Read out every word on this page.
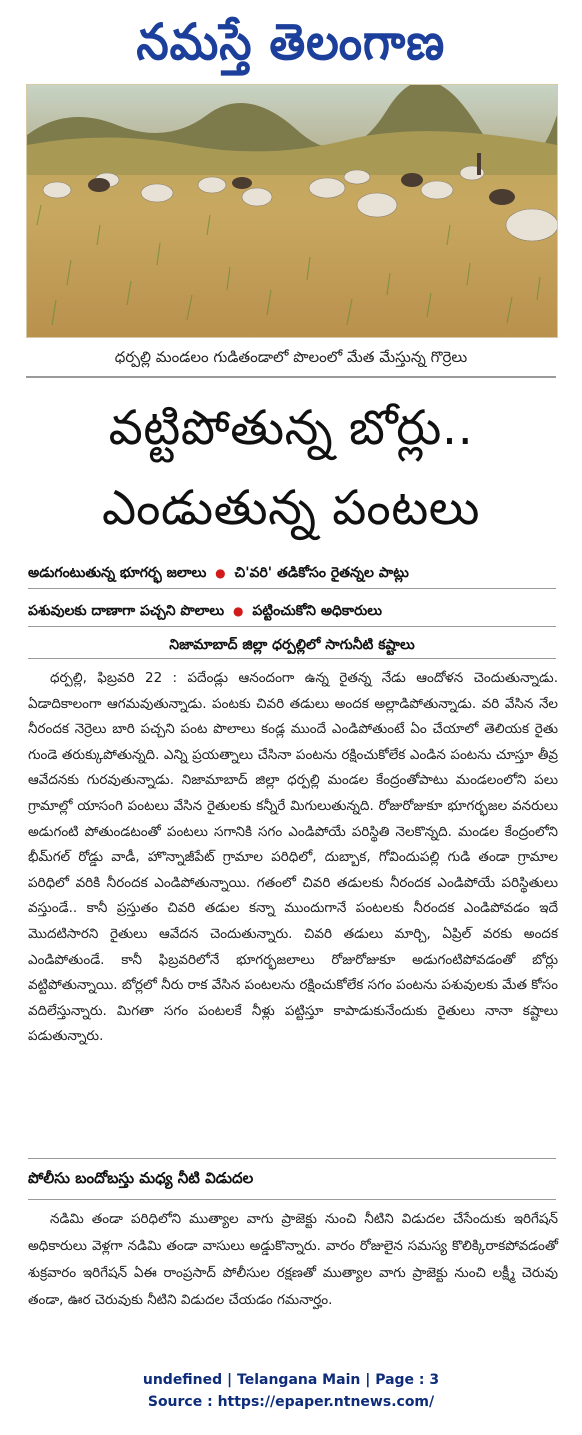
నమస్తే తెలంగాణ
ధర్పల్లి మండలం గుడితండాలో పొలంలో మేత మేస్తున్న గొర్రెలు
వట్టిపోతున్న బోర్లు..
ఎండుతున్న పంటలు
అడుగంటుతున్న భూగర్భ జలాలు ● చి'వరి' తడికోసం రైతన్నల పాట్లు
పశువులకు దాణాగా పచ్చని పొలాలు ● పట్టించుకోని అధికారులు
నిజామాబాద్ జిల్లా ధర్పల్లిలో సాగునీటి కష్టాలు

ధర్పల్లి, ఫిబ్రవరి 22 : పదేండ్లు ఆనందంగా ఉన్న రైతన్న నేడు ఆందోళన చెందుతున్నాడు. ఏడాదికాలంగా ఆగమవుతున్నాడు. పంటకు చివరి తడులు అందక అల్లాడిపోతున్నాడు. వరి వేసిన నేల నీరందక నెర్రెలు బారి పచ్చని పంట పొలాలు కండ్ల ముందే ఎండిపోతుంటే ఏం చేయాలో తెలియక రైతు గుండె తరుక్కుపోతున్నది. ఎన్ని ప్రయత్నాలు చేసినా పంటను రక్షించుకోలేక ఎండిన పంటను చూస్తూ తీవ్ర ఆవేదనకు గురవుతున్నాడు. నిజామాబాద్ జిల్లా ధర్పల్లి మండల కేంద్రంతోపాటు మండలంలోని పలు గ్రామాల్లో యాసంగి పంటలు వేసిన రైతులకు కన్నీరే మిగులుతున్నది. రోజురోజుకూ భూగర్భజల వనరులు అడుగంటి పోతుండటంతో పంటలు సగానికి సగం ఎండిపోయే పరిస్థితి నెలకొన్నది. మండల కేంద్రంలోని భీమ్‌గల్ రోడ్డు వాడీ, హొన్నాజీపేట్ గ్రామాల పరిధిలో, దుబ్బాక, గోవిందుపల్లి గుడి తండా గ్రామాల పరిధిలో వరికి నీరందక ఎండిపోతున్నాయి. గతంలో చివరి తడులకు నీరందక ఎండిపోయే పరిస్థితులు వస్తుండే.. కానీ ప్రస్తుతం చివరి తడుల కన్నా ముందుగానే పంటలకు నీరందక ఎండిపోవడం ఇదే మొదటిసారని రైతులు ఆవేదన చెందుతున్నారు. చివరి తడులు మార్చి, ఏప్రిల్ వరకు అందక ఎండిపోతుండే. కానీ ఫిబ్రవరిలోనే భూగర్భజలాలు రోజురోజుకూ అడుగంటిపోవడంతో బోర్లు వట్టిపోతున్నాయి. బోర్లలో నీరు రాక వేసిన పంటలను రక్షించుకోలేక సగం పంటను పశువులకు మేత కోసం వదిలేస్తున్నారు. మిగతా సగం పంటలకే నీళ్లు పట్టిస్తూ కాపాడుకునేందుకు రైతులు నానా కష్టాలు పడుతున్నారు.

పోలీసు బందోబస్తు మధ్య నీటి విడుదల

నడిమి తండా పరిధిలోని ముత్యాల వాగు ప్రాజెక్టు నుంచి నీటిని విడుదల చేసేందుకు ఇరిగేషన్ అధికారులు వెళ్లగా నడిమి తండా వాసులు అడ్డుకొన్నారు. వారం రోజులైన సమస్య కొలిక్కిరాకపోవడంతో శుక్రవారం ఇరిగేషన్ ఏఈ రాంప్రసాద్ పోలీసుల రక్షణతో ముత్యాల వాగు ప్రాజెక్టు నుంచి లక్ష్మీ చెరువు తండా, ఊర చెరువుకు నీటిని విడుదల చేయడం గమనార్హం.

undefined | Telangana Main | Page : 3
Source : https://epaper.ntnews.com/
